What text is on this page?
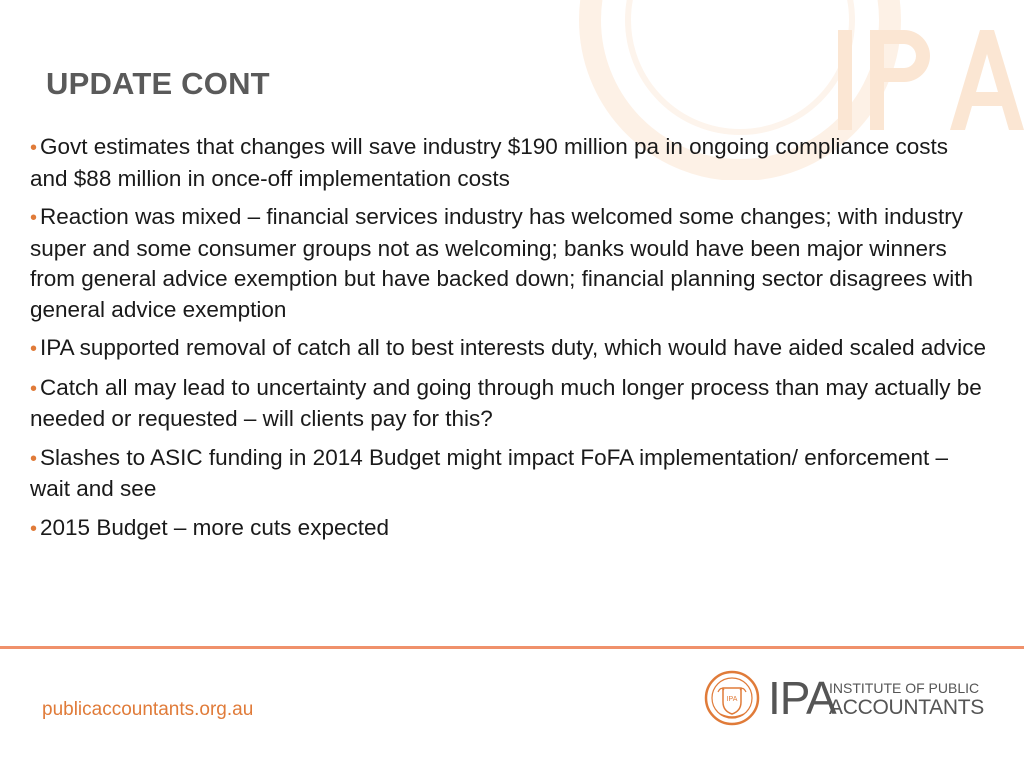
UPDATE CONT
• Govt estimates that changes will save industry $190 million pa in ongoing compliance costs and $88 million in once-off implementation costs
• Reaction was mixed – financial services industry has welcomed some changes; with industry super and some consumer groups not as welcoming; banks would have been major winners from general advice exemption but have backed down; financial planning sector disagrees with general advice exemption
• IPA supported removal of catch all to best interests duty, which would have aided scaled advice
• Catch all may lead to uncertainty and going through much longer process than may actually be needed or requested – will clients pay for this?
• Slashes to ASIC funding in 2014 Budget might impact FoFA implementation/ enforcement – wait and see
• 2015 Budget – more cuts expected
publicaccountants.org.au	IPA IPA
INSTITUTE OF PUBLIC
ACCOUNTANTS
